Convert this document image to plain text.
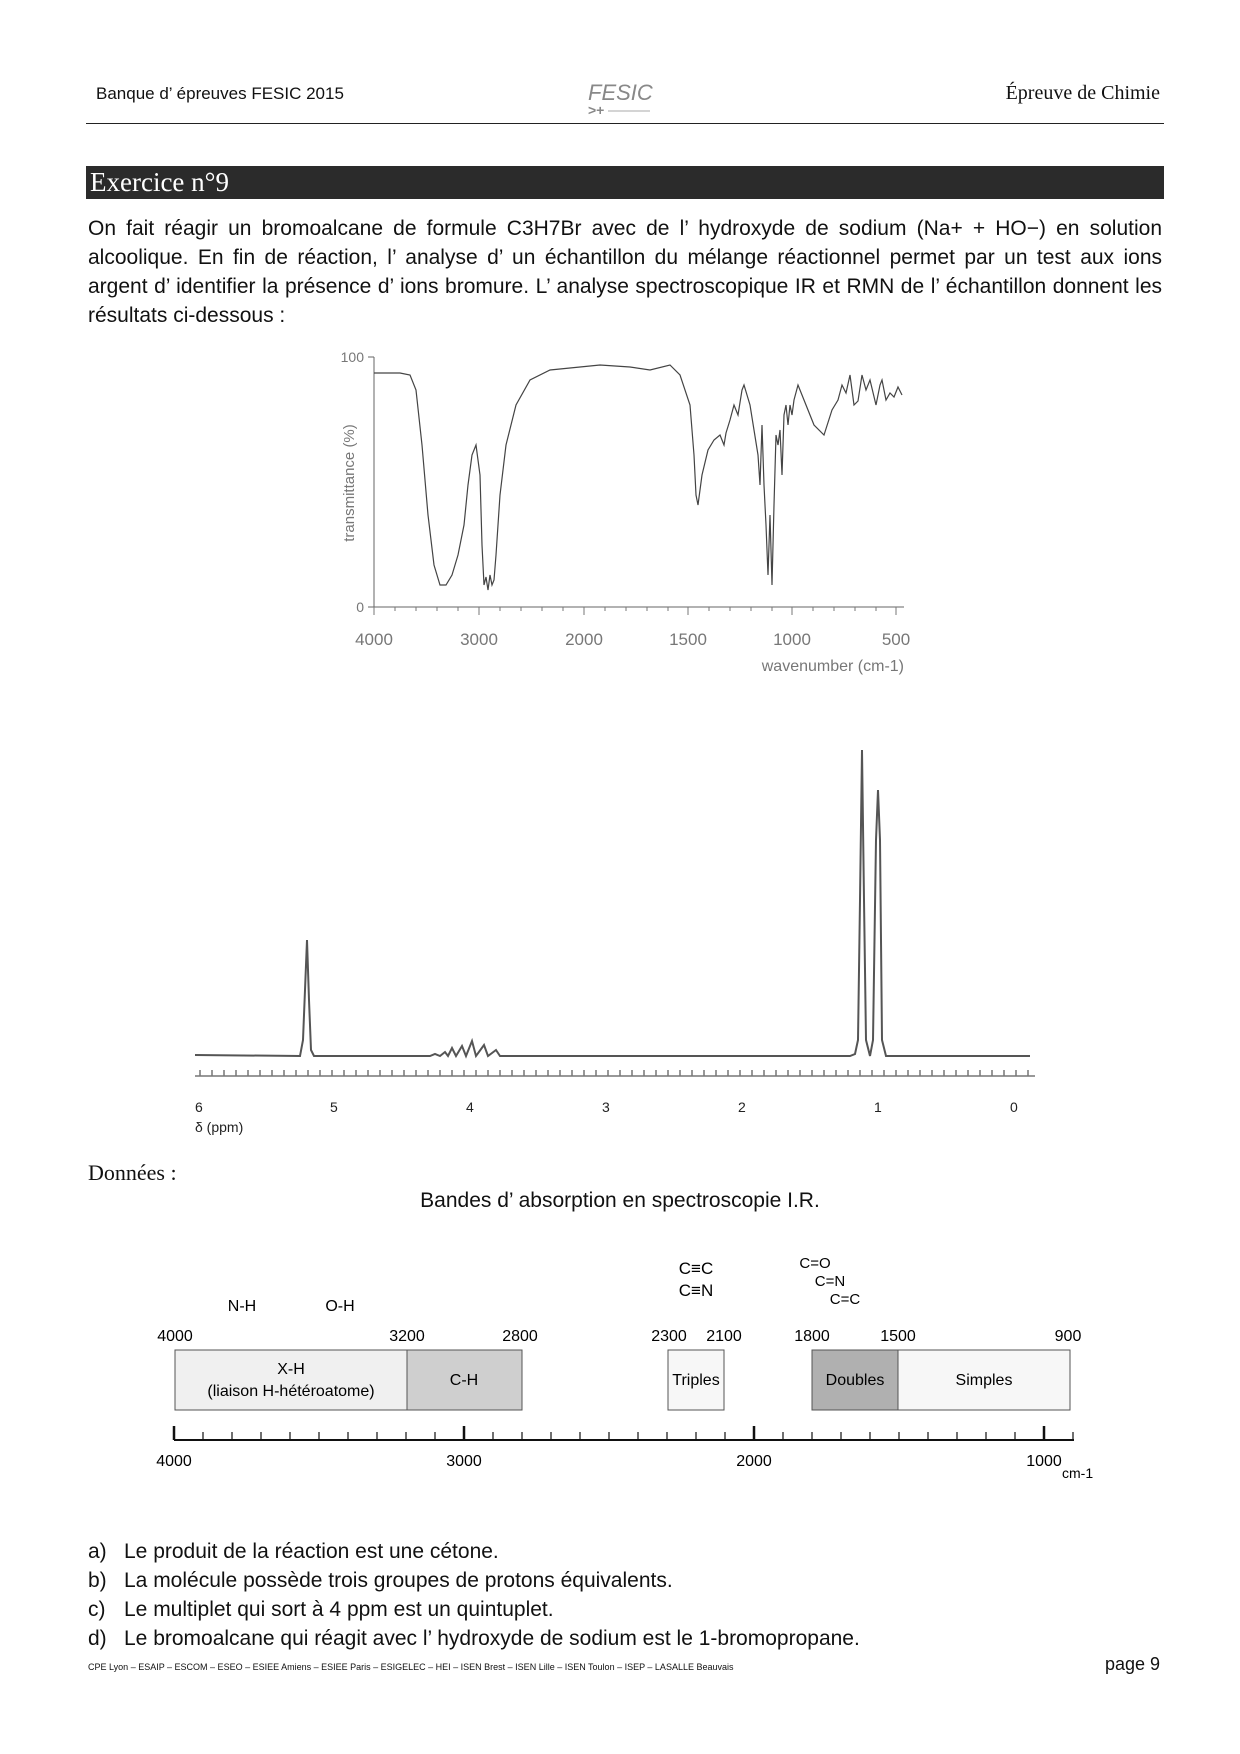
Banque d’ épreuves FESIC 2015	FESIC
>+
Épreuve de Chimie
Exercice n°9
On fait réagir un bromoalcane de formule C3H7Br avec de l’ hydroxyde de sodium (Na+ + HO−) en solution alcoolique. En fin de réaction, l’ analyse d’ un échantillon du mélange réactionnel permet par un test aux ions argent d’ identifier la présence d’ ions bromure. L’ analyse spectroscopique IR et RMN de l’ échantillon donnent les résultats ci-dessous :
100
0
transmittance (%)
4000	3000	2000	1500	1000	500
wavenumber (cm-1)
6	5	4	3	2	1	0
δ (ppm)
Données :
Bandes d’ absorption en spectroscopie I.R.
N-H	O-H
C≡C
C≡N
C=O
C=N
C=C
4000	3200	2800	2300 2100	1800	1500	900
X-H
(liaison H-hétéroatome)
C-H	Triples	Doubles	Simples
4000	3000	2000	1000
cm-1
a) Le produit de la réaction est une cétone.
b) La molécule possède trois groupes de protons équivalents.
c) Le multiplet qui sort à 4 ppm est un quintuplet.
d) Le bromoalcane qui réagit avec l’ hydroxyde de sodium est le 1-bromopropane.
CPE Lyon – ESAIP – ESCOM – ESEO – ESIEE Amiens – ESIEE Paris – ESIGELEC – HEI – ISEN Brest – ISEN Lille – ISEN Toulon – ISEP – LASALLE Beauvais	page 9
